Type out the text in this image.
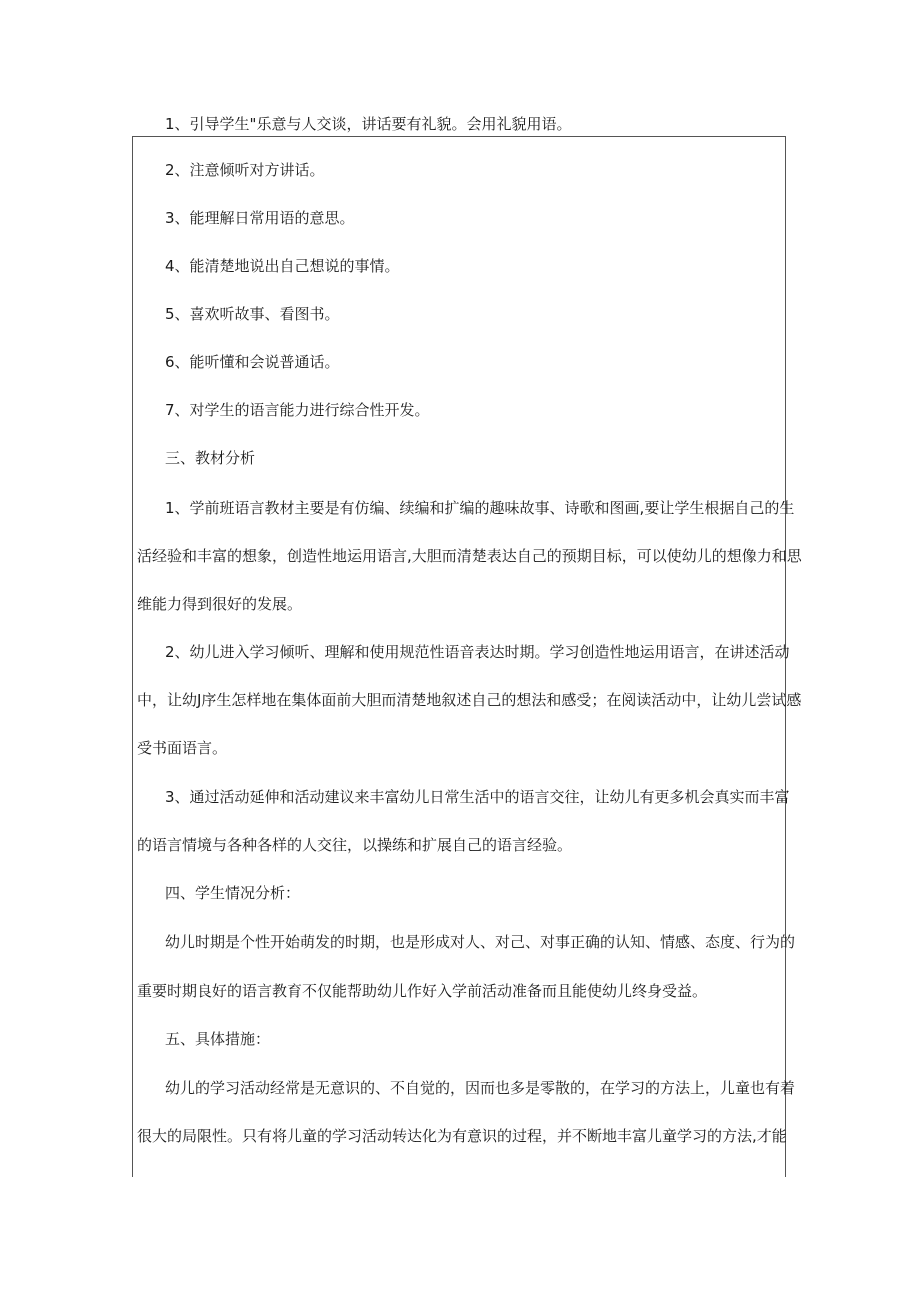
1、引导学生"乐意与人交谈，讲话要有礼貌。会用礼貌用语。
2、注意倾听对方讲话。
3、能理解日常用语的意思。
4、能清楚地说出自己想说的事情。
5、喜欢听故事、看图书。
6、能听懂和会说普通话。
7、对学生的语言能力进行综合性开发。
三、教材分析
1、学前班语言教材主要是有仿编、续编和扩编的趣味故事、诗歌和图画,要让学生根据自己的生
活经验和丰富的想象，创造性地运用语言,大胆而清楚表达自己的预期目标，可以使幼儿的想像力和思
维能力得到很好的发展。
2、幼儿进入学习倾听、理解和使用规范性语音表达时期。学习创造性地运用语言，在讲述活动
中，让幼J序生怎样地在集体面前大胆而清楚地叙述自己的想法和感受；在阅读活动中，让幼儿尝试感
受书面语言。
3、通过活动延伸和活动建议来丰富幼儿日常生活中的语言交往，让幼儿有更多机会真实而丰富
的语言情境与各种各样的人交往，以操练和扩展自己的语言经验。
四、学生情况分析：
幼儿时期是个性开始萌发的时期，也是形成对人、对己、对事正确的认知、情感、态度、行为的
重要时期良好的语言教育不仅能帮助幼儿作好入学前活动准备而且能使幼儿终身受益。
五、具体措施：
幼儿的学习活动经常是无意识的、不自觉的，因而也多是零散的，在学习的方法上，儿童也有着
很大的局限性。只有将儿童的学习活动转达化为有意识的过程，并不断地丰富儿童学习的方法,才能
